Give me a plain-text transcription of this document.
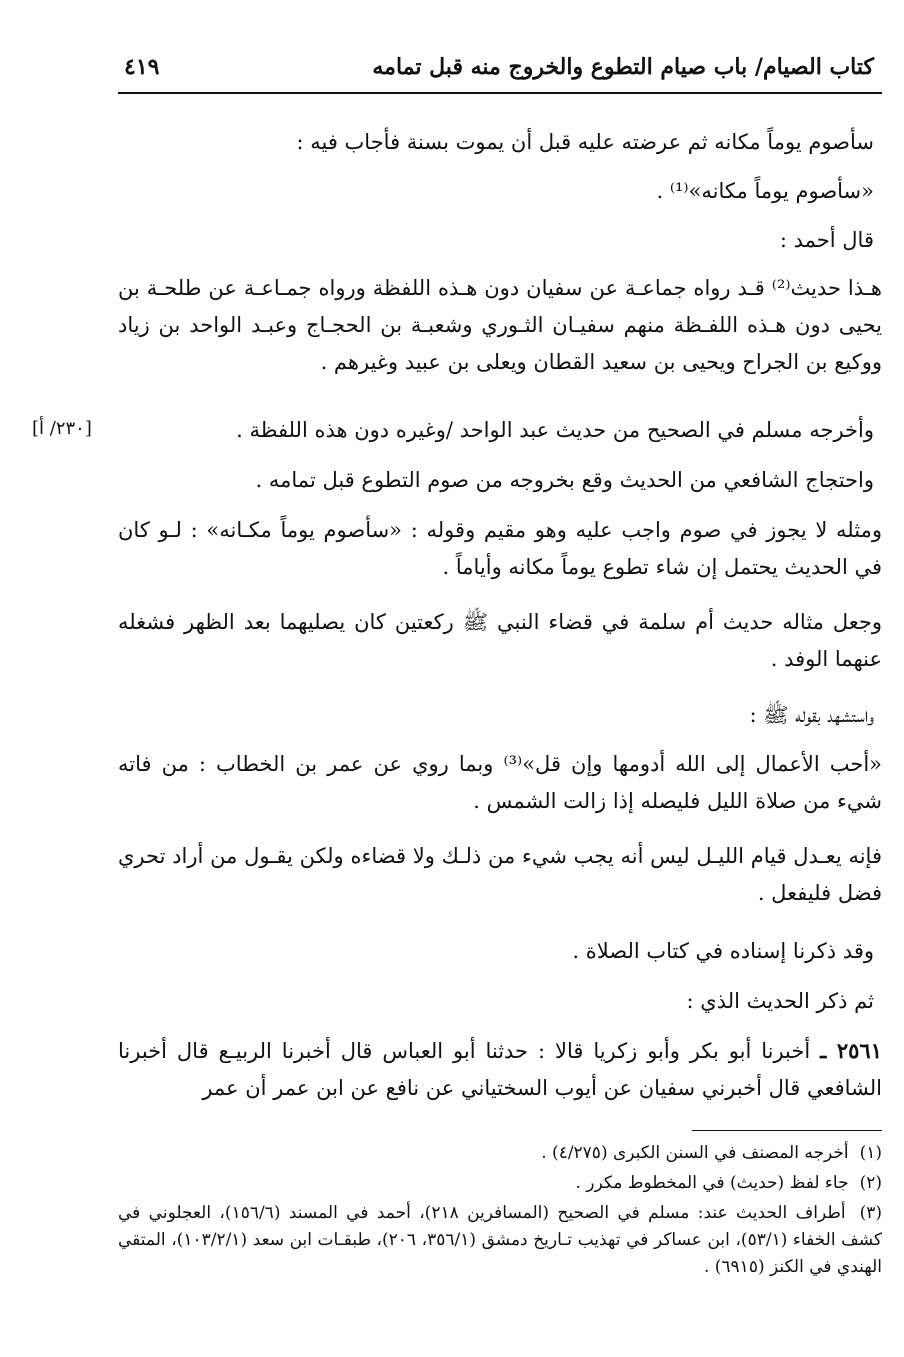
كتاب الصيام/ باب صيام التطوع والخروج منه قبل تمامه
٤١٩
سأصوم يوماً مكانه ثم عرضته عليه قبل أن يموت بسنة فأجاب فيه :
«سأصوم يوماً مكانه»⁽¹⁾ .
قال أحمد :
هـذا حديث⁽²⁾ قـد رواه جماعـة عن سفيان دون هـذه اللفظة ورواه جمـاعـة عن طلحـة بن يحيى دون هـذه اللفـظة منهم سفيـان الثـوري وشعبـة بن الحجـاج وعبـد الواحد بن زياد ووكيع بن الجراح ويحيى بن سعيد القطان ويعلى بن عبيد وغيرهم .
وأخرجه مسلم في الصحيح من حديث عبد الواحد /وغيره دون هذه اللفظة .
[٢٣٠/ أ]
واحتجاج الشافعي من الحديث وقع بخروجه من صوم التطوع قبل تمامه .
ومثله لا يجوز في صوم واجب عليه وهو مقيم وقوله : «سأصوم يوماً مكـانه» : لـو كان في الحديث يحتمل إن شاء تطوع يوماً مكانه وأياماً .
وجعل مثاله حديث أم سلمة في قضاء النبي ﷺ ركعتين كان يصليهما بعد الظهر فشغله عنهما الوفد .
واستشهد بقوله ﷺ :
«أحب الأعمال إلى الله أدومها وإن قل»⁽³⁾ وبما روي عن عمر بن الخطاب : من فاته شيء من صلاة الليل فليصله إذا زالت الشمس .
فإنه يعـدل قيام الليـل ليس أنه يجب شيء من ذلـك ولا قضاءه ولكن يقـول من أراد تحري فضل فليفعل .
وقد ذكرنا إسناده في كتاب الصلاة .
ثم ذكر الحديث الذي :
٢٥٦١ ـ أخبرنا أبو بكر وأبو زكريا قالا : حدثنا أبو العباس قال أخبرنا الربيـع قال أخبرنا الشافعي قال أخبرني سفيان عن أيوب السختياني عن نافع عن ابن عمر أن عمر
(١) أخرجه المصنف في السنن الكبرى (٤/٢٧٥) .
(٢) جاء لفظ (حديث) في المخطوط مكرر .
(٣) أطراف الحديث عند: مسلم في الصحيح (المسافرين ٢١٨)، أحمد في المسند (١٥٦/٦)، العجلوني في كشف الخفاء (٥٣/١)، ابن عساكر في تهذيب تـاريخ دمشق (٣٥٦/١، ٢٠٦)، طبقـات ابن سعد (١٠٣/٢/١)، المتقي الهندي في الكنز (٦٩١٥) .
